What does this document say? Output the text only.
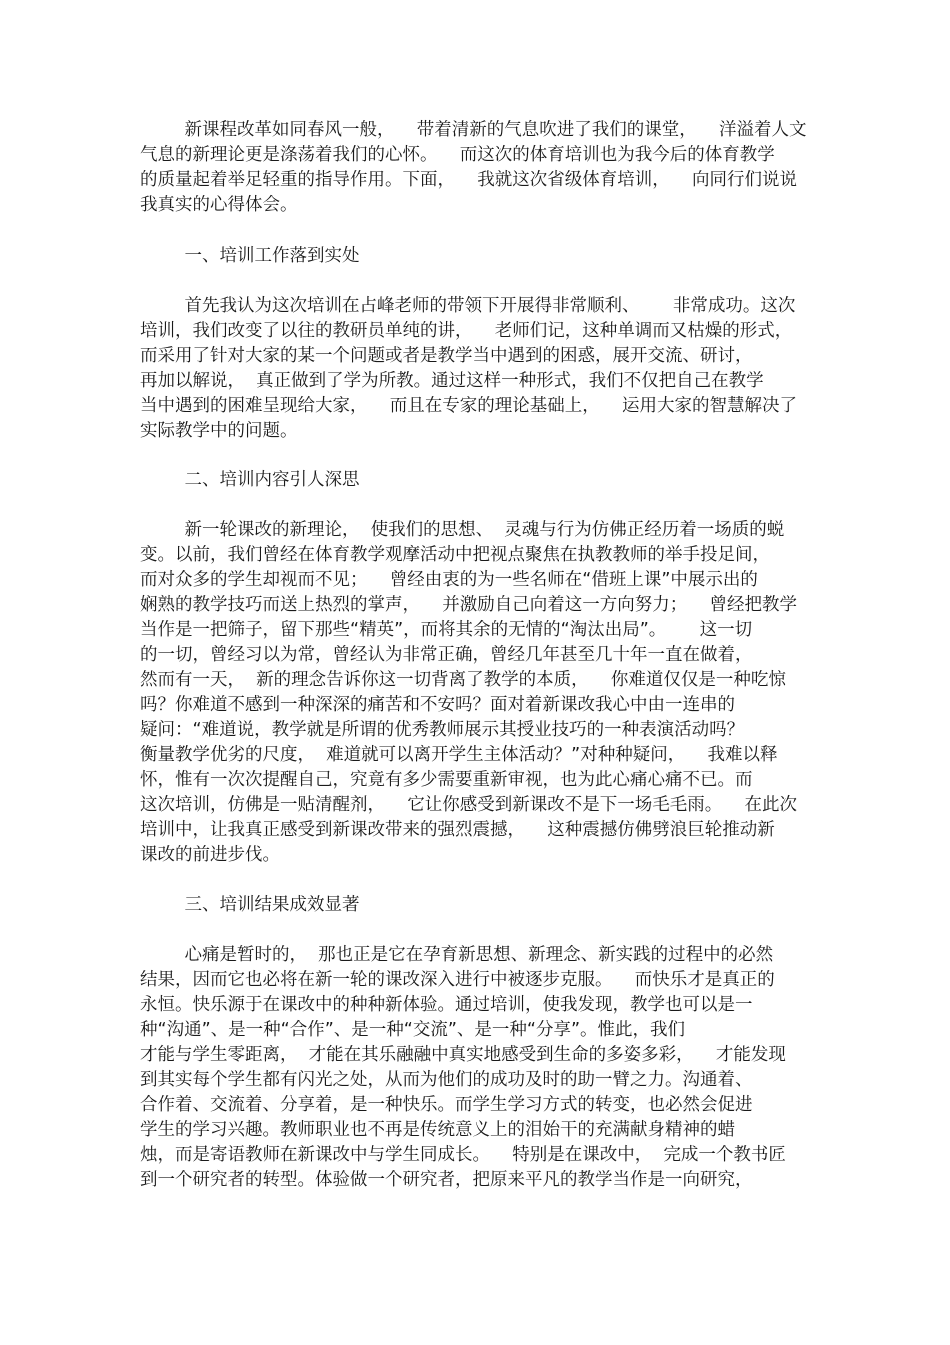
新课程改革如同春风一般，    带着清新的气息吹进了我们的课堂，    洋溢着人文
气息的新理论更是涤荡着我们的心怀。    而这次的体育培训也为我今后的体育教学
的质量起着举足轻重的指导作用。下面，    我就这次省级体育培训，    向同行们说说
我真实的心得体会。
一、培训工作落到实处
首先我认为这次培训在占峰老师的带领下开展得非常顺利、      非常成功。这次
培训，我们改变了以往的教研员单纯的讲，    老师们记，这种单调而又枯燥的形式，
而采用了针对大家的某一个问题或者是教学当中遇到的困惑，展开交流、研讨，
再加以解说，  真正做到了学为所教。通过这样一种形式，我们不仅把自己在教学
当中遇到的困难呈现给大家，    而且在专家的理论基础上，    运用大家的智慧解决了
实际教学中的问题。
二、培训内容引人深思
新一轮课改的新理论，  使我们的思想、  灵魂与行为仿佛正经历着一场质的蜕
变。以前，我们曾经在体育教学观摩活动中把视点聚焦在执教教师的举手投足间，
而对众多的学生却视而不见；    曾经由衷的为一些名师在“借班上课”中展示出的
娴熟的教学技巧而送上热烈的掌声，    并激励自己向着这一方向努力；    曾经把教学
当作是一把筛子，留下那些“精英”，而将其余的无情的“淘汰出局”。      这一切
的一切，曾经习以为常，曾经认为非常正确，曾经几年甚至几十年一直在做着，
然而有一天，  新的理念告诉你这一切背离了教学的本质，    你难道仅仅是一种吃惊
吗？你难道不感到一种深深的痛苦和不安吗？面对着新课改我心中由一连串的
疑问：“难道说，教学就是所谓的优秀教师展示其授业技巧的一种表演活动吗？
衡量教学优劣的尺度，  难道就可以离开学生主体活动？”对种种疑问，    我难以释
怀，惟有一次次提醒自己，究竟有多少需要重新审视，也为此心痛心痛不已。而
这次培训，仿佛是一贴清醒剂，    它让你感受到新课改不是下一场毛毛雨。    在此次
培训中，让我真正感受到新课改带来的强烈震撼，    这种震撼仿佛劈浪巨轮推动新
课改的前进步伐。
三、培训结果成效显著
心痛是暂时的，  那也正是它在孕育新思想、新理念、新实践的过程中的必然
结果，因而它也必将在新一轮的课改深入进行中被逐步克服。    而快乐才是真正的
永恒。快乐源于在课改中的种种新体验。通过培训，使我发现，教学也可以是一
种“沟通”、是一种“合作”、是一种“交流”、是一种“分享”。惟此，我们
才能与学生零距离，  才能在其乐融融中真实地感受到生命的多姿多彩，    才能发现
到其实每个学生都有闪光之处，从而为他们的成功及时的助一臂之力。沟通着、
合作着、交流着、分享着，是一种快乐。而学生学习方式的转变，也必然会促进
学生的学习兴趣。教师职业也不再是传统意义上的泪始干的充满献身精神的蜡
烛，而是寄语教师在新课改中与学生同成长。    特别是在课改中，  完成一个教书匠
到一个研究者的转型。体验做一个研究者，把原来平凡的教学当作是一向研究，
